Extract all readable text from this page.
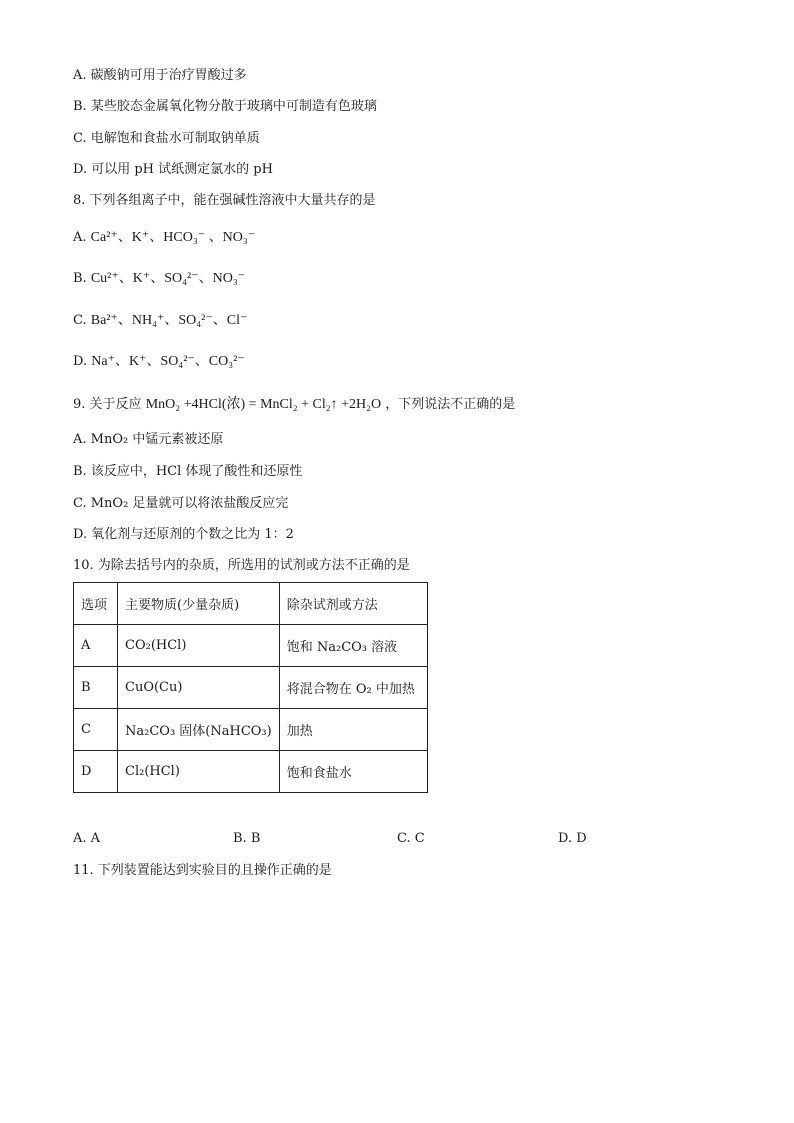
A. 碳酸钠可用于治疗胃酸过多
B. 某些胶态金属氧化物分散于玻璃中可制造有色玻璃
C. 电解饱和食盐水可制取钠单质
D. 可以用 pH 试纸测定氯水的 pH
8. 下列各组离子中，能在强碱性溶液中大量共存的是
A. Ca²⁺、K⁺、HCO₃⁻ 、NO₃⁻
B. Cu²⁺、K⁺、SO₄²⁻、NO₃⁻
C. Ba²⁺、NH₄⁺、SO₄²⁻、Cl⁻
D. Na⁺、K⁺、SO₄²⁻、CO₃²⁻
9. 关于反应 MnO₂ +4HCl(浓) = MnCl₂ + Cl₂↑ +2H₂O ，下列说法不正确的是
A. MnO₂ 中锰元素被还原
B. 该反应中，HCl 体现了酸性和还原性
C. MnO₂ 足量就可以将浓盐酸反应完
D. 氧化剂与还原剂的个数之比为 1：2
10. 为除去括号内的杂质，所选用的试剂或方法不正确的是
选项	主要物质(少量杂质)	除杂试剂或方法
A	CO₂(HCl)	饱和 Na₂CO₃ 溶液
B	CuO(Cu)	将混合物在 O₂ 中加热
C	Na₂CO₃ 固体(NaHCO₃)	加热
D	Cl₂(HCl)	饱和食盐水
A. A	B. B	C. C	D. D
11. 下列装置能达到实验目的且操作正确的是
